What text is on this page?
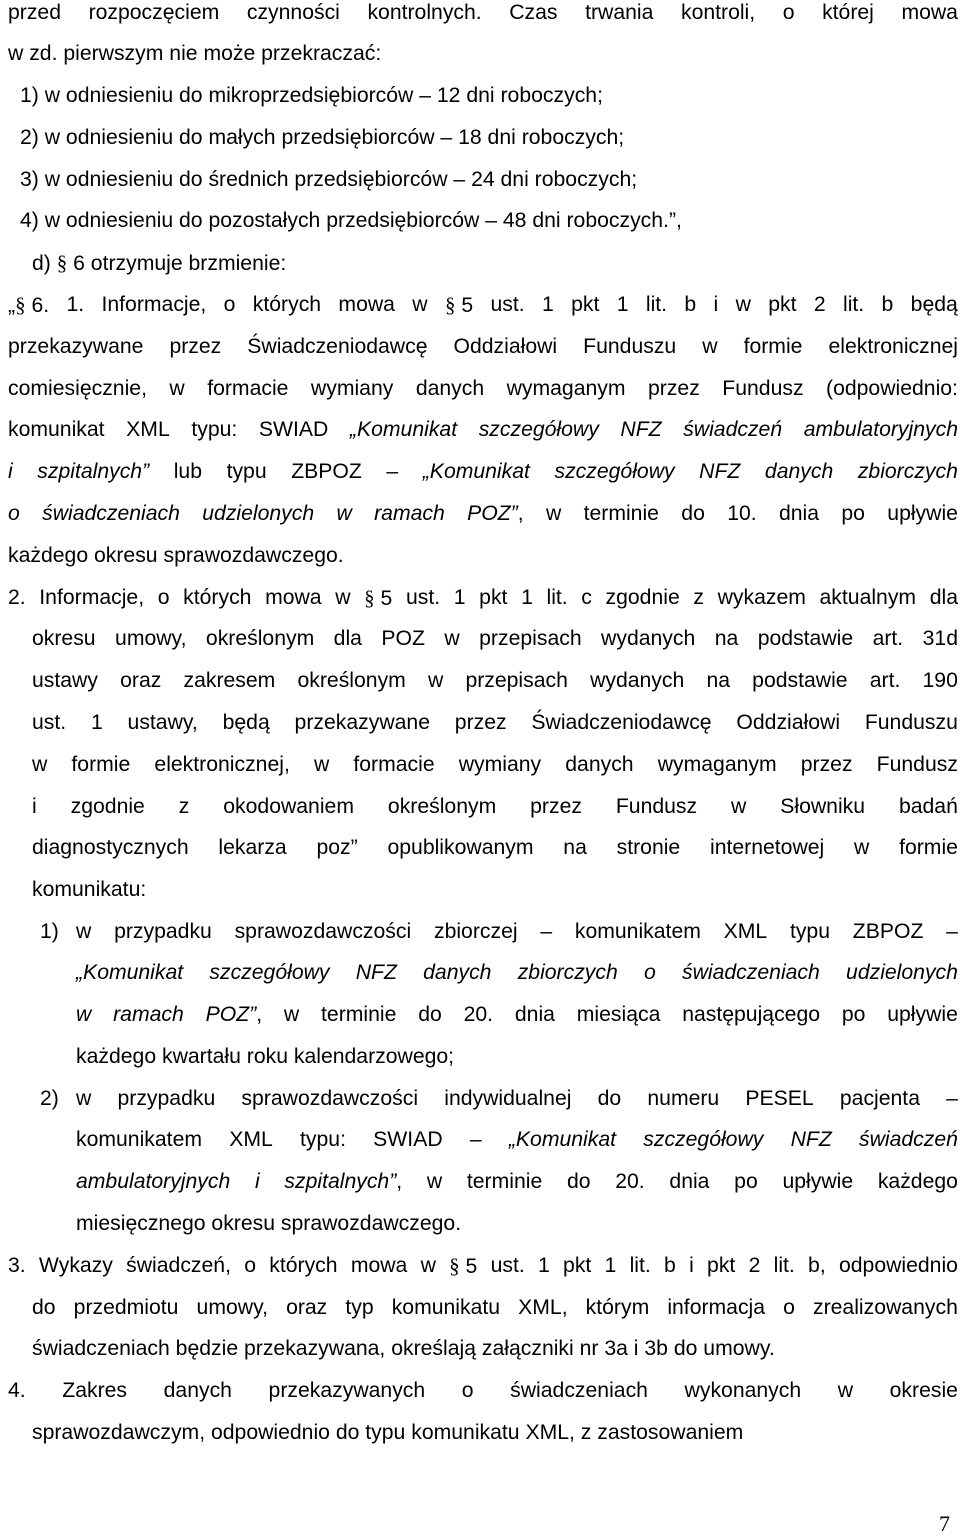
przed rozpoczęciem czynności kontrolnych. Czas trwania kontroli, o której mowa
w zd. pierwszym nie może przekraczać:
1) w odniesieniu do mikroprzedsiębiorców – 12 dni roboczych;
2) w odniesieniu do małych przedsiębiorców – 18 dni roboczych;
3) w odniesieniu do średnich przedsiębiorców – 24 dni roboczych;
4) w odniesieniu do pozostałych przedsiębiorców – 48 dni roboczych.”,
d) § 6 otrzymuje brzmienie:
„§ 6. 1. Informacje, o których mowa w § 5 ust. 1 pkt 1 lit. b i w pkt 2 lit. b będą
przekazywane przez Świadczeniodawcę Oddziałowi Funduszu w formie elektronicznej
comiesięcznie, w formacie wymiany danych wymaganym przez Fundusz (odpowiednio:
komunikat XML typu: SWIAD „Komunikat szczegółowy NFZ świadczeń ambulatoryjnych
i szpitalnych” lub typu ZBPOZ – „Komunikat szczegółowy NFZ danych zbiorczych
o świadczeniach udzielonych w ramach POZ”, w terminie do 10. dnia po upływie
każdego okresu sprawozdawczego.
2. Informacje, o których mowa w § 5 ust. 1 pkt 1 lit. c zgodnie z wykazem aktualnym dla
okresu umowy, określonym dla POZ w przepisach wydanych na podstawie art. 31d
ustawy oraz zakresem określonym w przepisach wydanych na podstawie art. 190
ust. 1 ustawy, będą przekazywane przez Świadczeniodawcę Oddziałowi Funduszu
w formie elektronicznej, w formacie wymiany danych wymaganym przez Fundusz
i zgodnie z okodowaniem określonym przez Fundusz w Słowniku badań
diagnostycznych lekarza poz” opublikowanym na stronie internetowej w formie
komunikatu:
1) w przypadku sprawozdawczości zbiorczej – komunikatem XML typu ZBPOZ –
„Komunikat szczegółowy NFZ danych zbiorczych o świadczeniach udzielonych
w ramach POZ”, w terminie do 20. dnia miesiąca następującego po upływie
każdego kwartału roku kalendarzowego;
2) w przypadku sprawozdawczości indywidualnej do numeru PESEL pacjenta –
komunikatem XML typu: SWIAD – „Komunikat szczegółowy NFZ świadczeń
ambulatoryjnych i szpitalnych”, w terminie do 20. dnia po upływie każdego
miesięcznego okresu sprawozdawczego.
3. Wykazy świadczeń, o których mowa w § 5 ust. 1 pkt 1 lit. b i pkt 2 lit. b, odpowiednio
do przedmiotu umowy, oraz typ komunikatu XML, którym informacja o zrealizowanych
świadczeniach będzie przekazywana, określają załączniki nr 3a i 3b do umowy.
4. Zakres danych przekazywanych o świadczeniach wykonanych w okresie
sprawozdawczym, odpowiednio do typu komunikatu XML, z zastosowaniem
7
